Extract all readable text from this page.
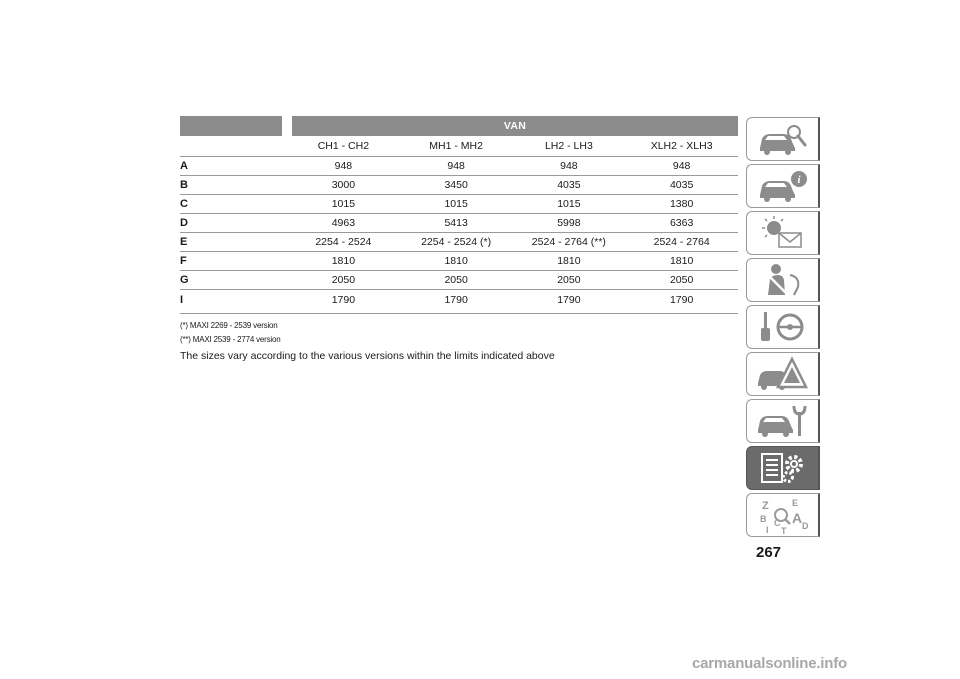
	VAN			
	CH1 - CH2	MH1 - MH2	LH2 - LH3	XLH2 - XLH3
A	948	948	948	948
B	3000	3450	4035	4035
C	1015	1015	1015	1380
D	4963	5413	5998	6363
E	2254 - 2524	2254 - 2524 (*)	2524 - 2764 (**)	2524 - 2764
F	1810	1810	1810	1810
G	2050	2050	2050	2050
I	1790	1790	1790	1790
(*) MAXI 2269 - 2539 version
(**) MAXI 2539 - 2774 version
The sizes vary according to the various versions within the limits indicated above
i
Z	E
B A
C D
I T
267
carmanualsonline.info
